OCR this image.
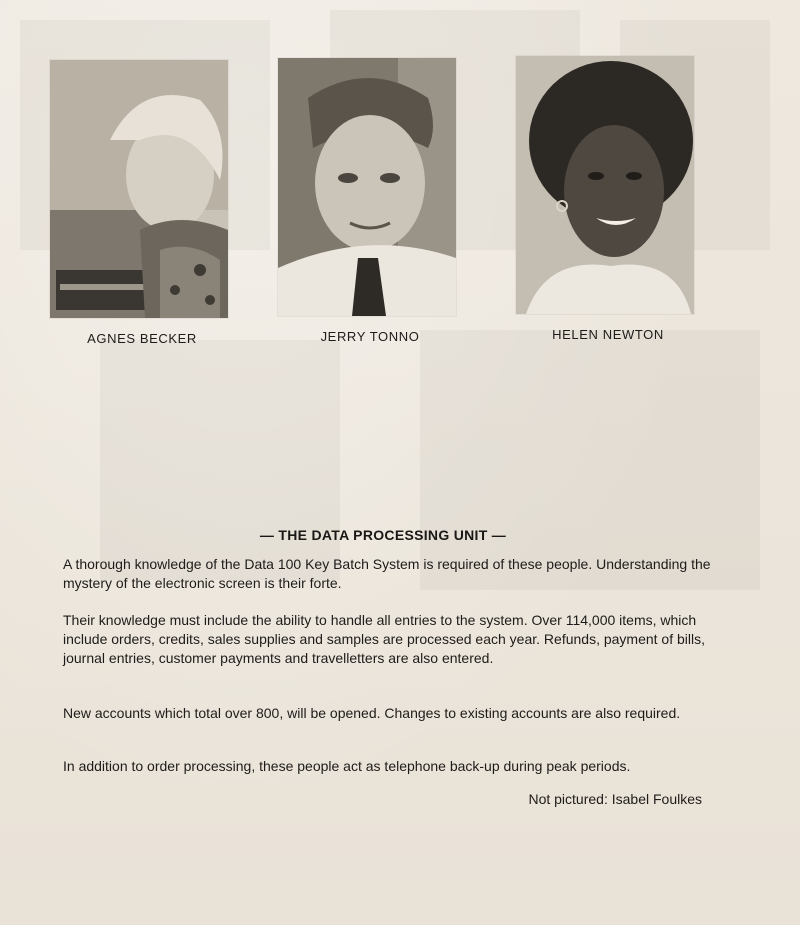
AGNES BECKER	JERRY TONNO	HELEN NEWTON
— THE DATA PROCESSING UNIT —

A thorough knowledge of the Data 100 Key Batch System is required of these people. Understanding the mystery of the electronic screen is their forte.

Their knowledge must include the ability to handle all entries to the system. Over 114,000 items, which include orders, credits, sales supplies and samples are processed each year. Refunds, payment of bills, journal entries, customer payments and travelletters are also entered.

New accounts which total over 800, will be opened. Changes to existing accounts are also required.

In addition to order processing, these people act as telephone back-up during peak periods.

Not pictured: Isabel Foulkes
